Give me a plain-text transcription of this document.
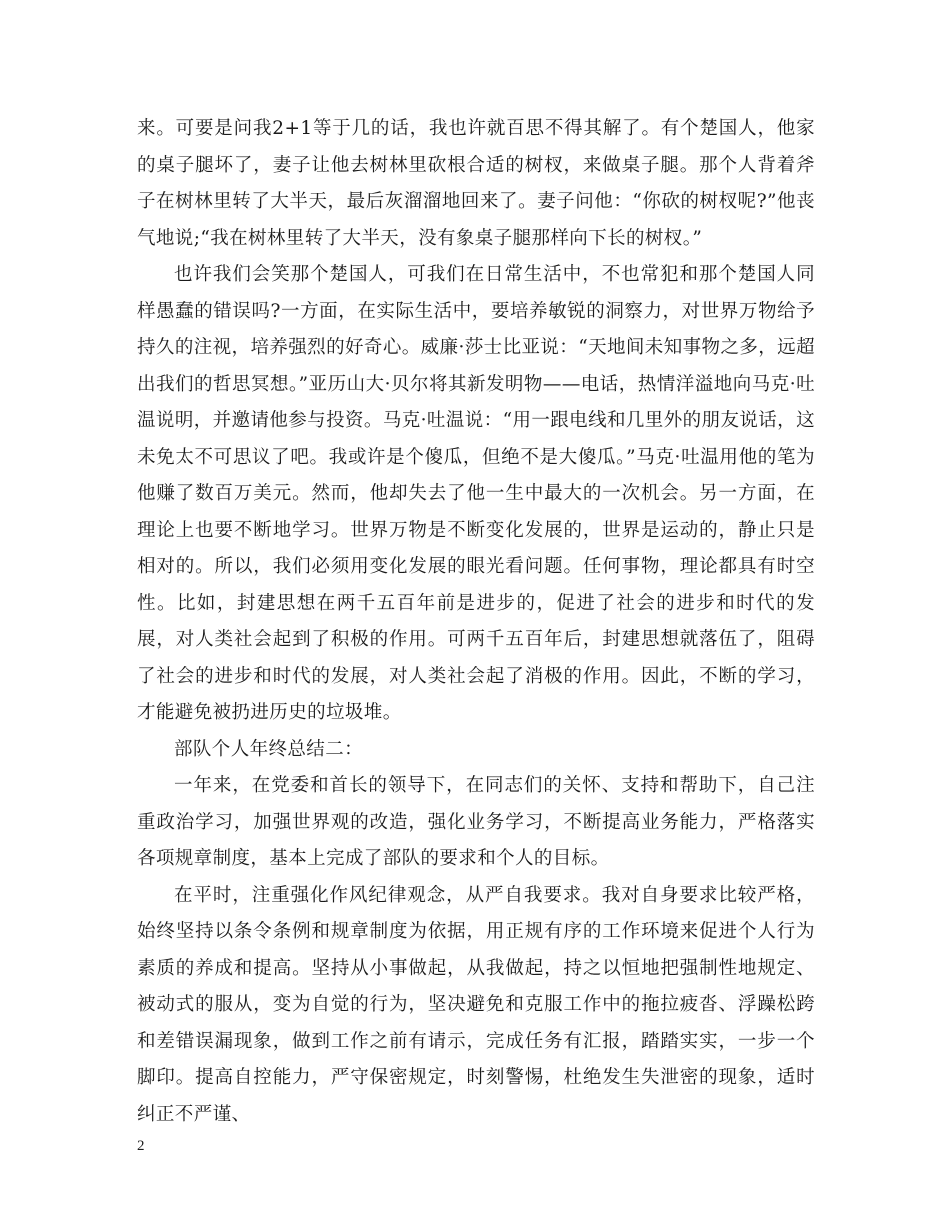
来。可要是问我2+1等于几的话，我也许就百思不得其解了。有个楚国人，他家的桌子腿坏了，妻子让他去树林里砍根合适的树杈，来做桌子腿。那个人背着斧子在树林里转了大半天，最后灰溜溜地回来了。妻子问他：“你砍的树杈呢?”他丧气地说;“我在树林里转了大半天，没有象桌子腿那样向下长的树杈。”

也许我们会笑那个楚国人，可我们在日常生活中，不也常犯和那个楚国人同样愚蠢的错误吗?一方面，在实际生活中，要培养敏锐的洞察力，对世界万物给予持久的注视，培养强烈的好奇心。威廉·莎士比亚说：“天地间未知事物之多，远超出我们的哲思冥想。”亚历山大·贝尔将其新发明物——电话，热情洋溢地向马克·吐温说明，并邀请他参与投资。马克·吐温说：“用一跟电线和几里外的朋友说话，这未免太不可思议了吧。我或许是个傻瓜，但绝不是大傻瓜。”马克·吐温用他的笔为他赚了数百万美元。然而，他却失去了他一生中最大的一次机会。另一方面，在理论上也要不断地学习。世界万物是不断变化发展的，世界是运动的，静止只是相对的。所以，我们必须用变化发展的眼光看问题。任何事物，理论都具有时空性。比如，封建思想在两千五百年前是进步的，促进了社会的进步和时代的发展，对人类社会起到了积极的作用。可两千五百年后，封建思想就落伍了，阻碍了社会的进步和时代的发展，对人类社会起了消极的作用。因此，不断的学习，才能避免被扔进历史的垃圾堆。

部队个人年终总结二：

一年来，在党委和首长的领导下，在同志们的关怀、支持和帮助下，自己注重政治学习，加强世界观的改造，强化业务学习，不断提高业务能力，严格落实各项规章制度，基本上完成了部队的要求和个人的目标。

在平时，注重强化作风纪律观念，从严自我要求。我对自身要求比较严格，始终坚持以条令条例和规章制度为依据，用正规有序的工作环境来促进个人行为素质的养成和提高。坚持从小事做起，从我做起，持之以恒地把强制性地规定、被动式的服从，变为自觉的行为，坚决避免和克服工作中的拖拉疲沓、浮躁松跨和差错误漏现象，做到工作之前有请示，完成任务有汇报，踏踏实实，一步一个脚印。提高自控能力，严守保密规定，时刻警惕，杜绝发生失泄密的现象，适时纠正不严谨、

2
